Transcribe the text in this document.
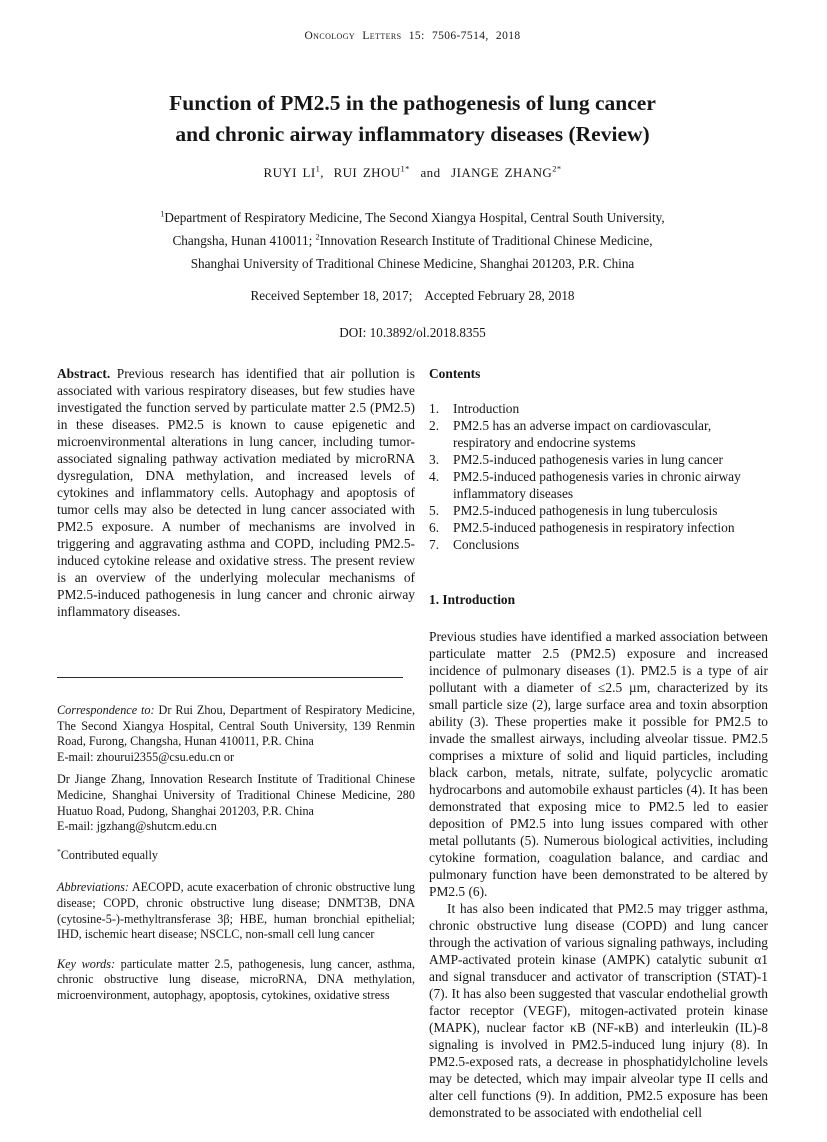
Oncology Letters 15: 7506-7514, 2018
Function of PM2.5 in the pathogenesis of lung cancer
and chronic airway inflammatory diseases (Review)
RUYI $LI^1$, RUI $ZHOU^{1*}$ and JIANGE $ZHANG^{2*}$
$^1$Department of Respiratory Medicine, The Second Xiangya Hospital, Central South University,
Changsha, Hunan 410011; $^2$Innovation Research Institute of Traditional Chinese Medicine,
Shanghai University of Traditional Chinese Medicine, Shanghai 201203, P.R. China
Received September 18, 2017; Accepted February 28, 2018
DOI: 10.3892/ol.2018.8355

Abstract. Previous research has identified that air pollution is associated with various respiratory diseases, but few studies have investigated the function served by particulate matter 2.5 (PM2.5) in these diseases. PM2.5 is known to cause epigenetic and microenvironmental alterations in lung cancer, including tumor-associated signaling pathway activation mediated by microRNA dysregulation, DNA methylation, and increased levels of cytokines and inflammatory cells. Autophagy and apoptosis of tumor cells may also be detected in lung cancer associated with PM2.5 exposure. A number of mechanisms are involved in triggering and aggravating asthma and COPD, including PM2.5-induced cytokine release and oxidative stress. The present review is an overview of the underlying molecular mechanisms of PM2.5-induced pathogenesis in lung cancer and chronic airway inflammatory diseases.

Correspondence to: Dr Rui Zhou, Department of Respiratory Medicine, The Second Xiangya Hospital, Central South University, 139 Renmin Road, Furong, Changsha, Hunan 410011, P.R. China
E-mail: zhourui2355@csu.edu.cn or

Dr Jiange Zhang, Innovation Research Institute of Traditional Chinese Medicine, Shanghai University of Traditional Chinese Medicine, 280 Huatuo Road, Pudong, Shanghai 201203, P.R. China
E-mail: jgzhang@shutcm.edu.cn

*Contributed equally

Abbreviations: AECOPD, acute exacerbation of chronic obstructive lung disease; COPD, chronic obstructive lung disease; DNMT3B, DNA (cytosine-5-)-methyltransferase 3β; HBE, human bronchial epithelial; IHD, ischemic heart disease; NSCLC, non-small cell lung cancer

Key words: particulate matter 2.5, pathogenesis, lung cancer, asthma, chronic obstructive lung disease, microRNA, DNA methylation, microenvironment, autophagy, apoptosis, cytokines, oxidative stress

Contents
1.	Introduction
2.	PM2.5 has an adverse impact on cardiovascular, respiratory and endocrine systems
3.	PM2.5-induced pathogenesis varies in lung cancer
4.	PM2.5-induced pathogenesis varies in chronic airway inflammatory diseases
5.	PM2.5-induced pathogenesis in lung tuberculosis
6.	PM2.5-induced pathogenesis in respiratory infection
7.	Conclusions
1. Introduction

Previous studies have identified a marked association between particulate matter 2.5 (PM2.5) exposure and increased incidence of pulmonary diseases (1). PM2.5 is a type of air pollutant with a diameter of ≤2.5 µm, characterized by its small particle size (2), large surface area and toxin absorption ability (3). These properties make it possible for PM2.5 to invade the smallest airways, including alveolar tissue. PM2.5 comprises a mixture of solid and liquid particles, including black carbon, metals, nitrate, sulfate, polycyclic aromatic hydrocarbons and automobile exhaust particles (4). It has been demonstrated that exposing mice to PM2.5 led to easier deposition of PM2.5 into lung issues compared with other metal pollutants (5). Numerous biological activities, including cytokine formation, coagulation balance, and cardiac and pulmonary function have been demonstrated to be altered by PM2.5 (6).

It has also been indicated that PM2.5 may trigger asthma, chronic obstructive lung disease (COPD) and lung cancer through the activation of various signaling pathways, including AMP-activated protein kinase (AMPK) catalytic subunit α1 and signal transducer and activator of transcription (STAT)-1 (7). It has also been suggested that vascular endothelial growth factor receptor (VEGF), mitogen-activated protein kinase (MAPK), nuclear factor κB (NF-κB) and interleukin (IL)-8 signaling is involved in PM2.5-induced lung injury (8). In PM2.5-exposed rats, a decrease in phosphatidylcholine levels may be detected, which may impair alveolar type II cells and alter cell functions (9). In addition, PM2.5 exposure has been demonstrated to be associated with endothelial cell
